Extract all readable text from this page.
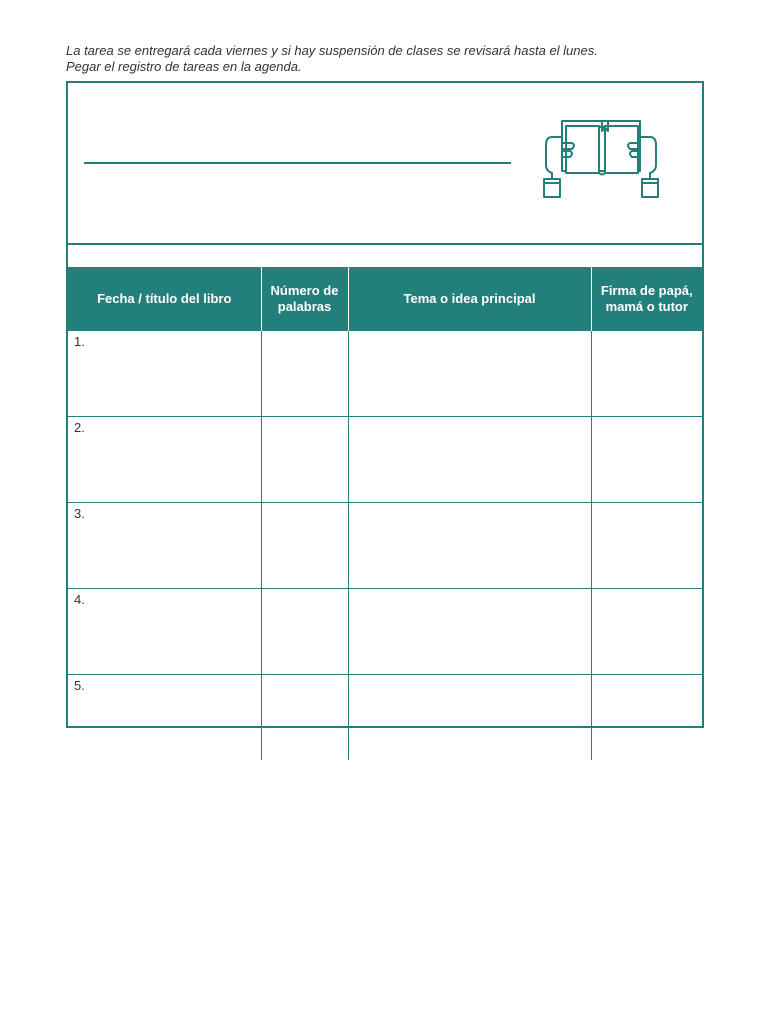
La tarea se entregará cada viernes y si hay suspensión de clases se revisará hasta el lunes.
Pegar el registro de tareas en la agenda.
Fecha / título del libro	Número de palabras	Tema o idea principal	Firma de papá, mamá o tutor
1.			
2.			
3.			
4.			
5.			
